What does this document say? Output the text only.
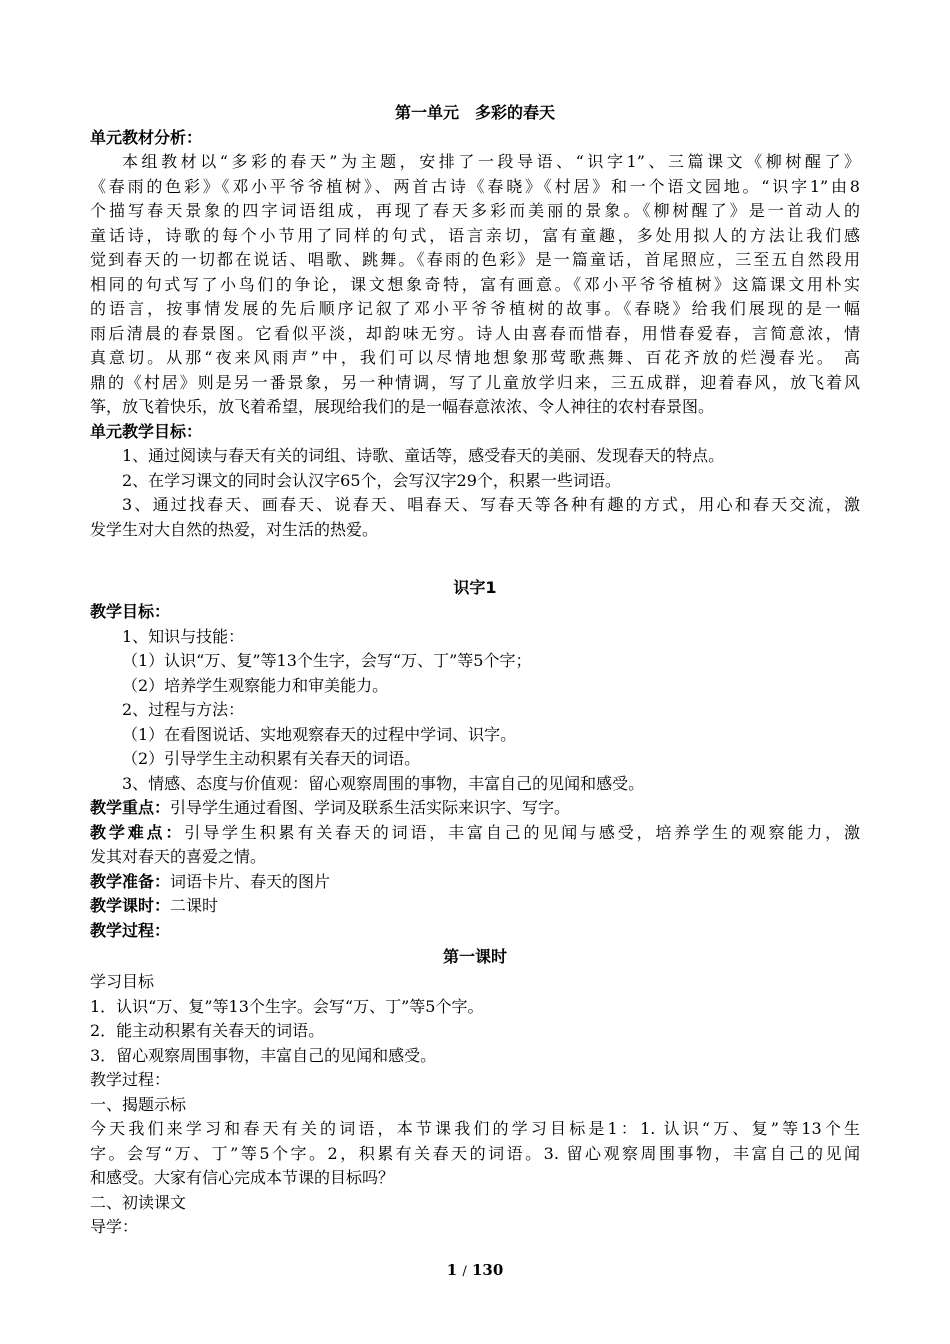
第一单元　多彩的春天
单元教材分析：
本组教材以“多彩的春天”为主题，安排了一段导语、“识字1”、三篇课文《柳树醒了》
《春雨的色彩》《邓小平爷爷植树》、两首古诗《春晓》《村居》和一个语文园地。“识字1”由8
个描写春天景象的四字词语组成，再现了春天多彩而美丽的景象。《柳树醒了》是一首动人的
童话诗，诗歌的每个小节用了同样的句式，语言亲切，富有童趣，多处用拟人的方法让我们感
觉到春天的一切都在说话、唱歌、跳舞。《春雨的色彩》是一篇童话，首尾照应，三至五自然段用
相同的句式写了小鸟们的争论，课文想象奇特，富有画意。《邓小平爷爷植树》这篇课文用朴实
的语言，按事情发展的先后顺序记叙了邓小平爷爷植树的故事。《春晓》给我们展现的是一幅
雨后清晨的春景图。它看似平淡，却韵味无穷。诗人由喜春而惜春，用惜春爱春，言简意浓，情
真意切。从那“夜来风雨声”中，我们可以尽情地想象那莺歌燕舞、百花齐放的烂漫春光。 高
鼎的《村居》则是另一番景象，另一种情调，写了儿童放学归来，三五成群，迎着春风，放飞着风
筝，放飞着快乐，放飞着希望，展现给我们的是一幅春意浓浓、令人神往的农村春景图。
单元教学目标：
1、通过阅读与春天有关的词组、诗歌、童话等，感受春天的美丽、发现春天的特点。
2、在学习课文的同时会认汉字65个，会写汉字29个，积累一些词语。
3、通过找春天、画春天、说春天、唱春天、写春天等各种有趣的方式，用心和春天交流，激
发学生对大自然的热爱，对生活的热爱。
识字1
教学目标：
1、知识与技能：
（1）认识“万、复”等13个生字，会写“万、丁”等5个字；
（2）培养学生观察能力和审美能力。
2、过程与方法：
（1）在看图说话、实地观察春天的过程中学词、识字。
（2）引导学生主动积累有关春天的词语。
3、情感、态度与价值观：留心观察周围的事物，丰富自己的见闻和感受。
教学重点：引导学生通过看图、学词及联系生活实际来识字、写字。
教学难点：引导学生积累有关春天的词语，丰富自己的见闻与感受，培养学生的观察能力，激
发其对春天的喜爱之情。
教学准备：词语卡片、春天的图片
教学课时：二课时
教学过程：
第一课时
学习目标
1．认识“万、复”等13个生字。会写“万、丁”等5个字。
2．能主动积累有关春天的词语。
3．留心观察周围事物，丰富自己的见闻和感受。
教学过程：
一、揭题示标
今天我们来学习和春天有关的词语，本节课我们的学习目标是1：1. 认识“万、复”等13个生
字。会写“万、丁”等5个字。2，积累有关春天的词语。3. 留心观察周围事物，丰富自己的见闻
和感受。大家有信心完成本节课的目标吗？
二、初读课文
导学：
1 / 130
